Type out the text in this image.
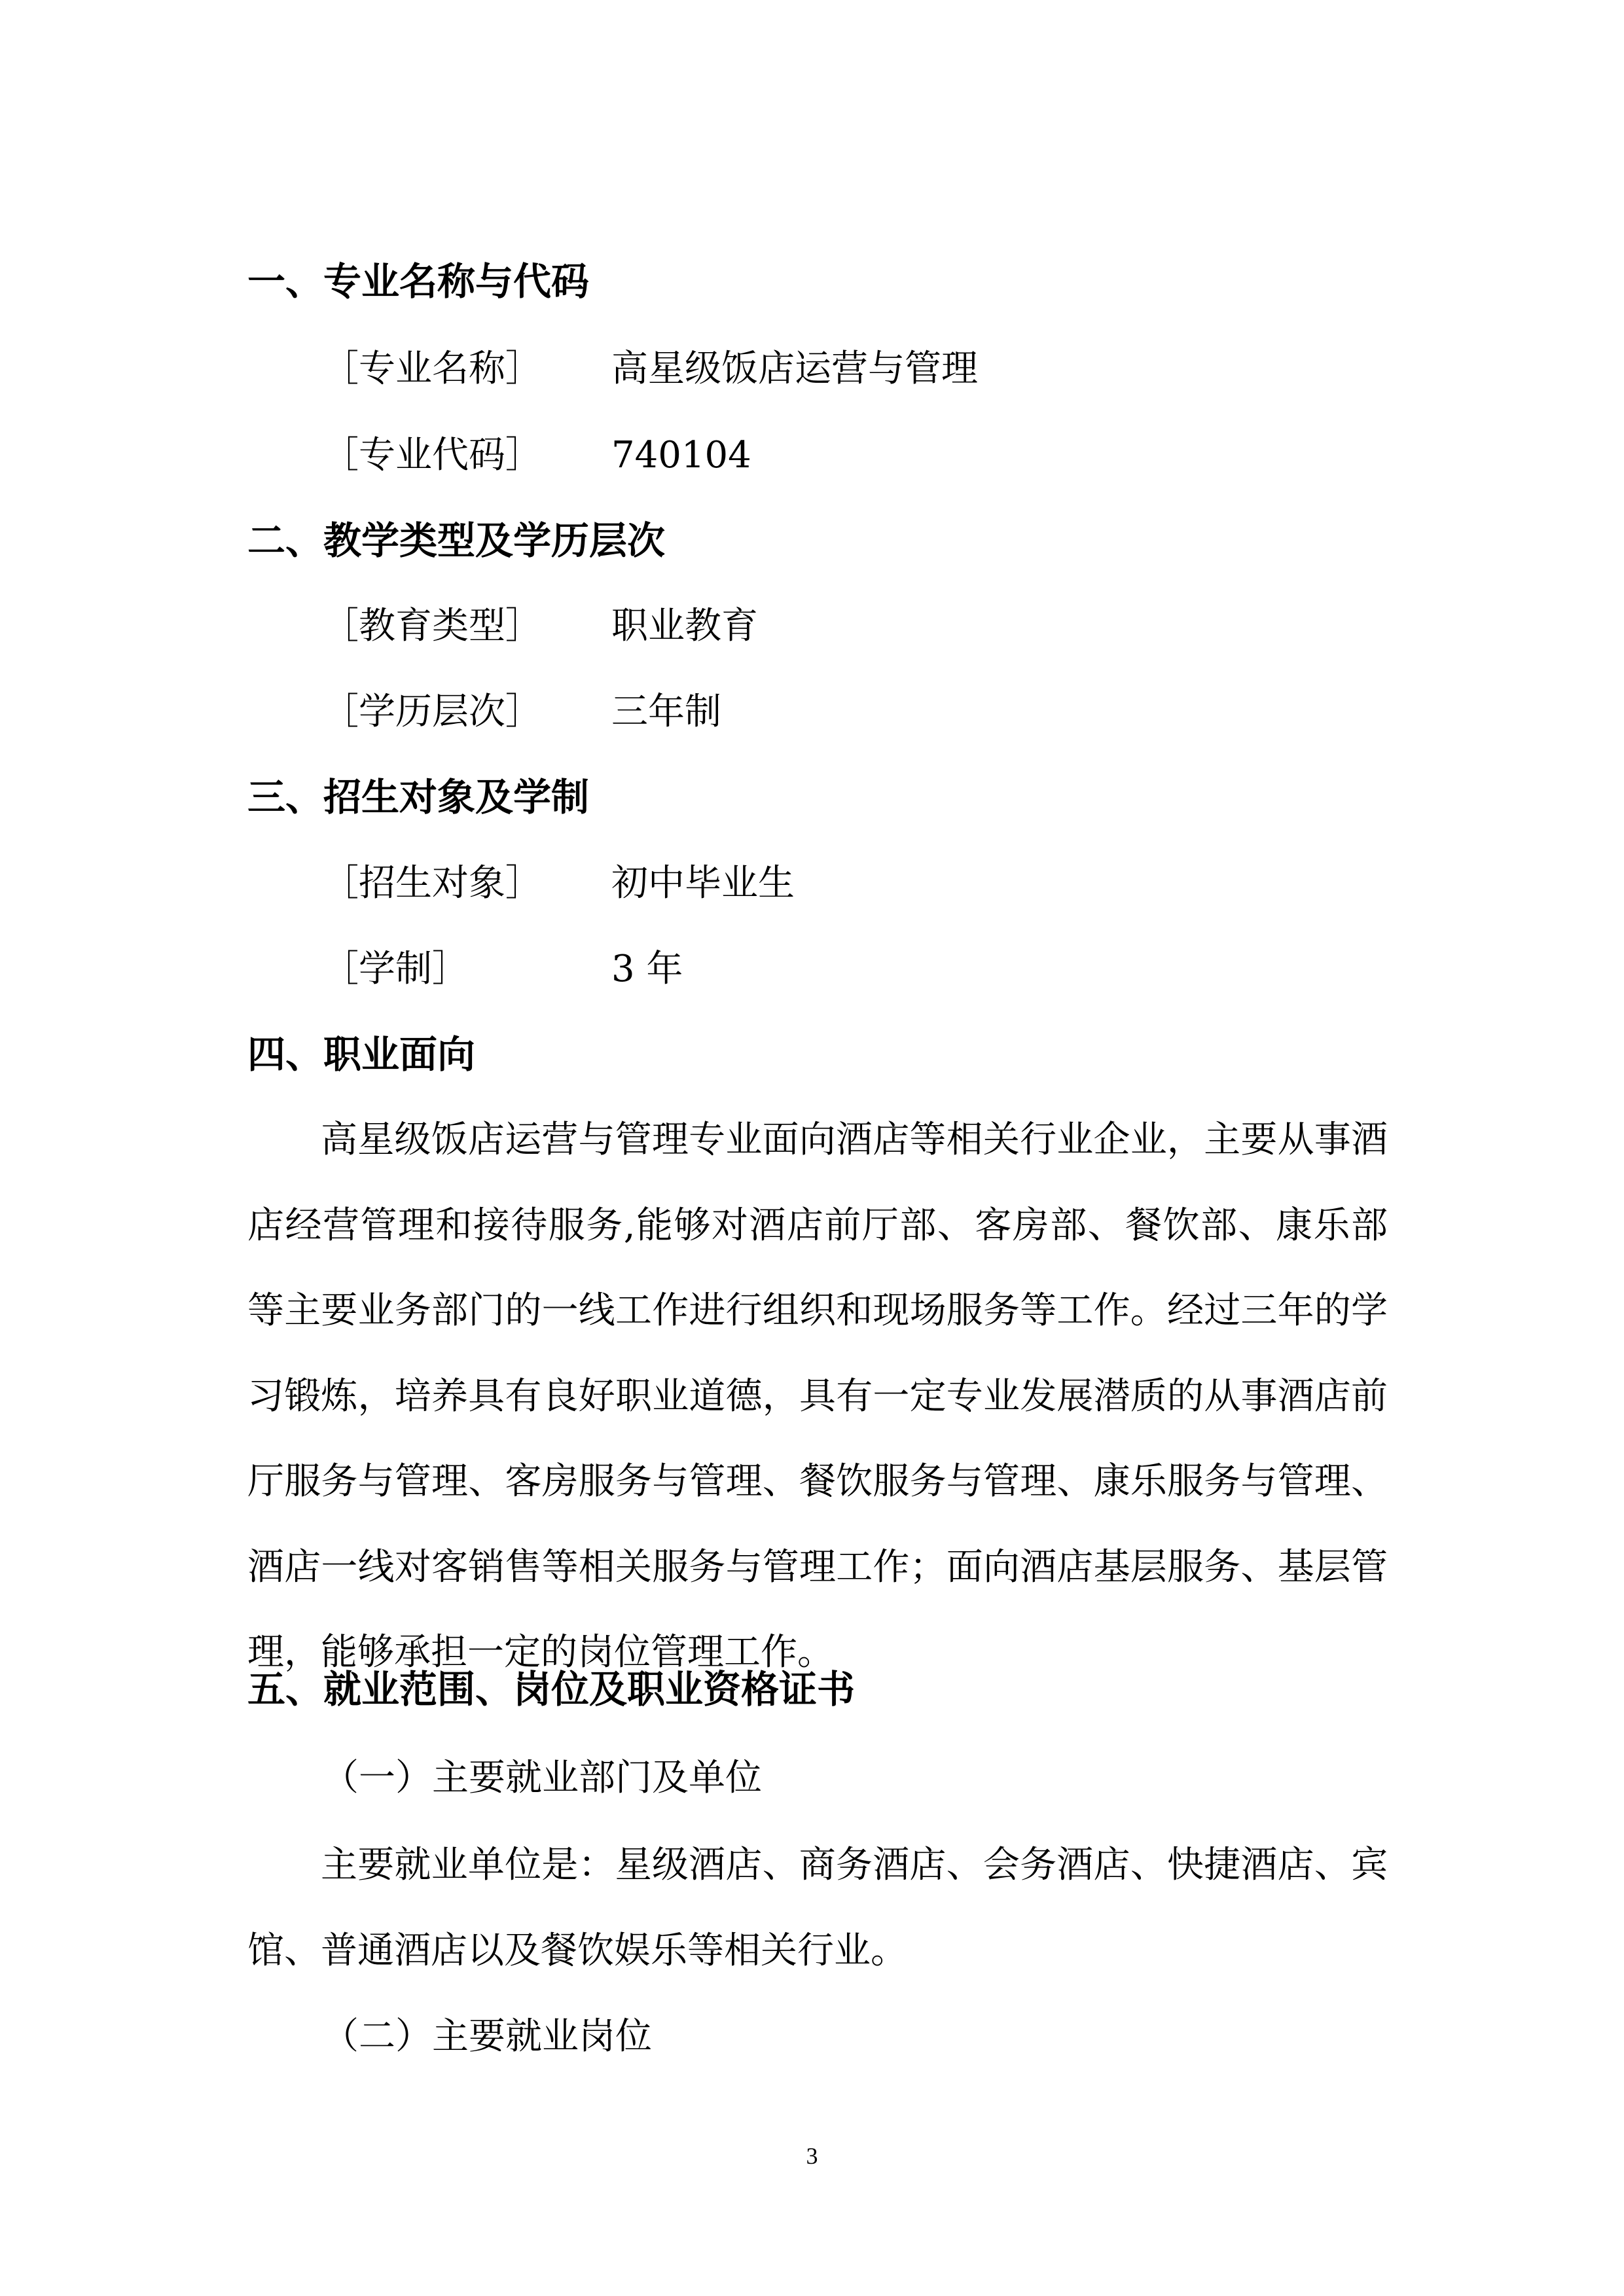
一、专业名称与代码
［专业名称］ 高星级饭店运营与管理
［专业代码］ 740104
二、教学类型及学历层次
［教育类型］ 职业教育
［学历层次］ 三年制
三、招生对象及学制
［招生对象］ 初中毕业生
［学制］	3 年
四、职业面向

高星级饭店运营与管理专业面向酒店等相关行业企业，主要从事酒店经营管理和接待服务,能够对酒店前厅部、客房部、餐饮部、康乐部等主要业务部门的一线工作进行组织和现场服务等工作。经过三年的学习锻炼，培养具有良好职业道德，具有一定专业发展潜质的从事酒店前厅服务与管理、客房服务与管理、餐饮服务与管理、康乐服务与管理、酒店一线对客销售等相关服务与管理工作；面向酒店基层服务、基层管理，能够承担一定的岗位管理工作。

五、就业范围、岗位及职业资格证书
（一）主要就业部门及单位

主要就业单位是：星级酒店、商务酒店、会务酒店、快捷酒店、宾馆、普通酒店以及餐饮娱乐等相关行业。

（二）主要就业岗位
3
